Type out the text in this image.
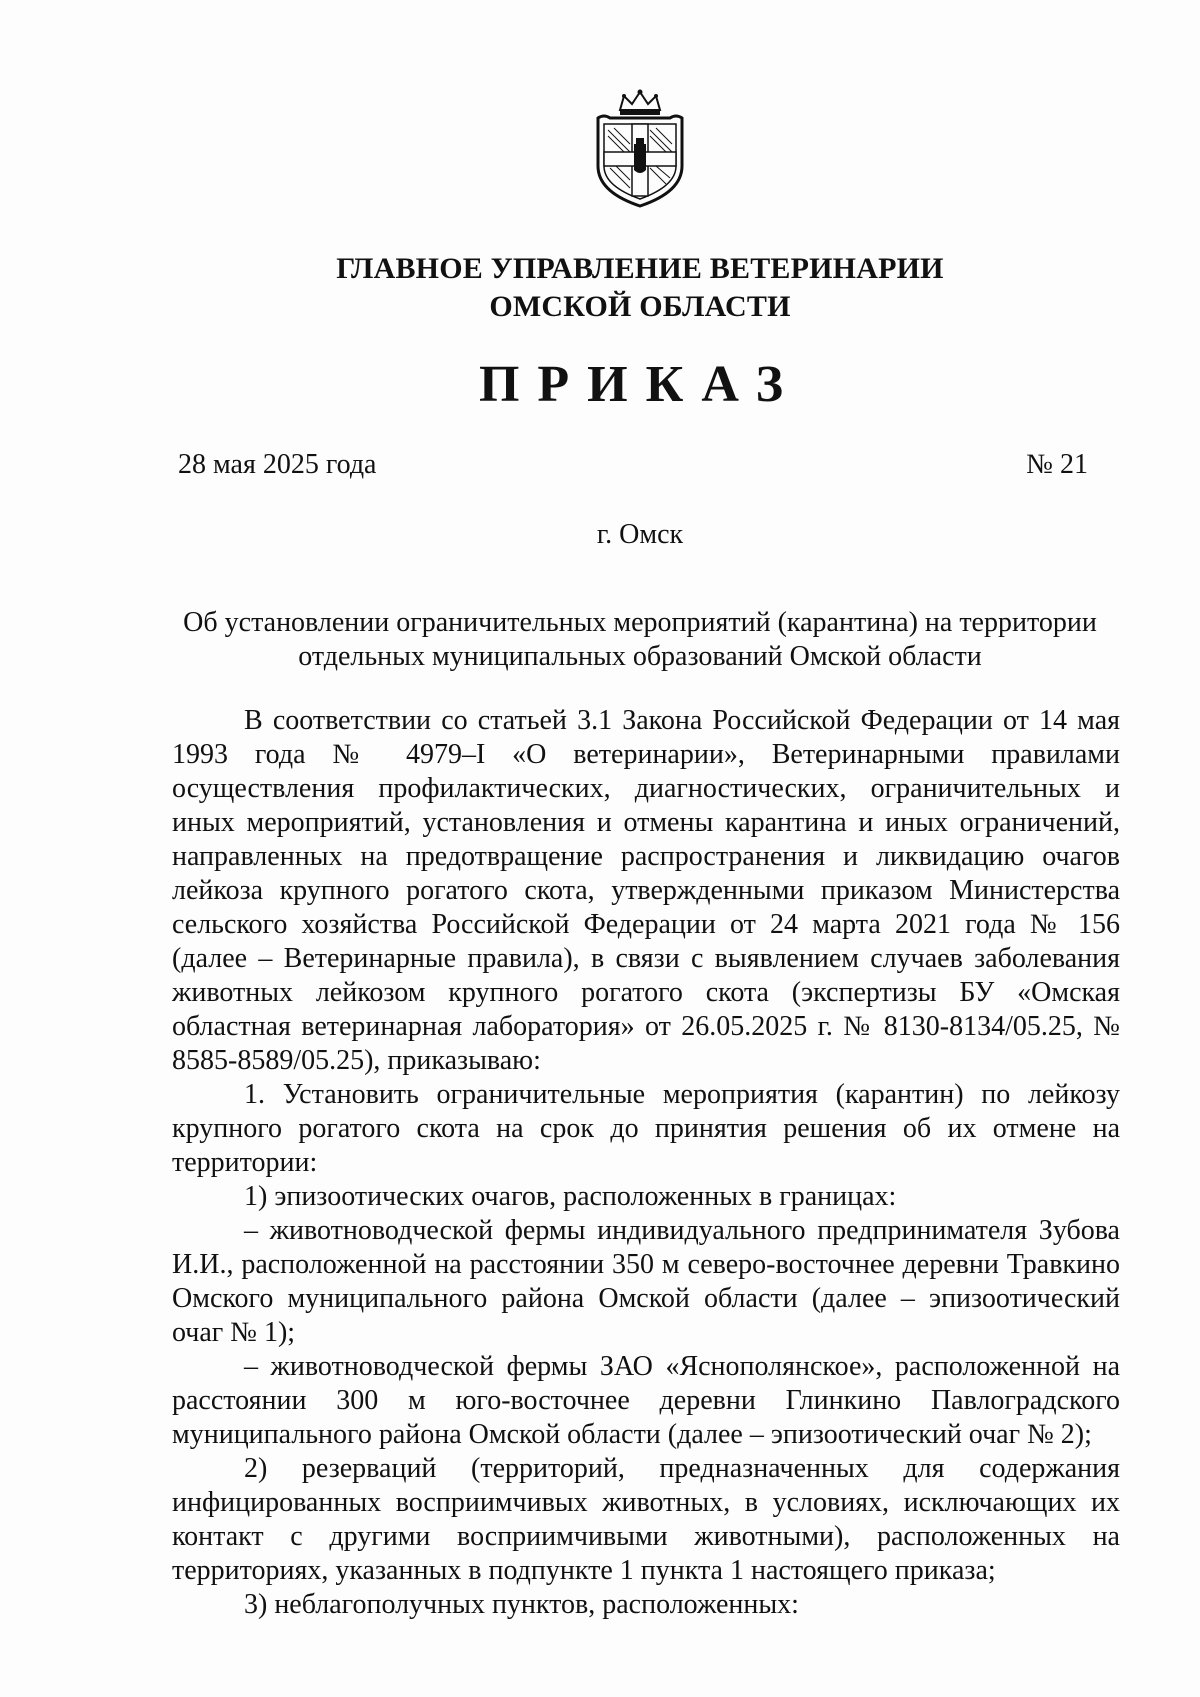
ГЛАВНОЕ УПРАВЛЕНИЕ ВЕТЕРИНАРИИ
ОМСКОЙ ОБЛАСТИ
ПРИКАЗ
28 мая 2025 года	№ 21
г. Омск
Об установлении ограничительных мероприятий (карантина) на территории
отдельных муниципальных образований Омской области

В соответствии со статьей 3.1 Закона Российской Федерации от 14 мая 1993 года № 4979–I «О ветеринарии», Ветеринарными правилами осуществления профилактических, диагностических, ограничительных и иных мероприятий, установления и отмены карантина и иных ограничений, направленных на предотвращение распространения и ликвидацию очагов лейкоза крупного рогатого скота, утвержденными приказом Министерства сельского хозяйства Российской Федерации от 24 марта 2021 года № 156 (далее – Ветеринарные правила), в связи с выявлением случаев заболевания животных лейкозом крупного рогатого скота (экспертизы БУ «Омская областная ветеринарная лаборатория» от 26.05.2025 г. № 8130-8134/05.25, № 8585-8589/05.25), приказываю:

1. Установить ограничительные мероприятия (карантин) по лейкозу крупного рогатого скота на срок до принятия решения об их отмене на территории:

1) эпизоотических очагов, расположенных в границах:

– животноводческой фермы индивидуального предпринимателя Зубова И.И., расположенной на расстоянии 350 м северо-восточнее деревни Травкино Омского муниципального района Омской области (далее – эпизоотический очаг № 1);

– животноводческой фермы ЗАО «Яснополянское», расположенной на расстоянии 300 м юго-восточнее деревни Глинкино Павлоградского муниципального района Омской области (далее – эпизоотический очаг № 2);

2) резерваций (территорий, предназначенных для содержания инфицированных восприимчивых животных, в условиях, исключающих их контакт с другими восприимчивыми животными), расположенных на территориях, указанных в подпункте 1 пункта 1 настоящего приказа;

3) неблагополучных пунктов, расположенных:
